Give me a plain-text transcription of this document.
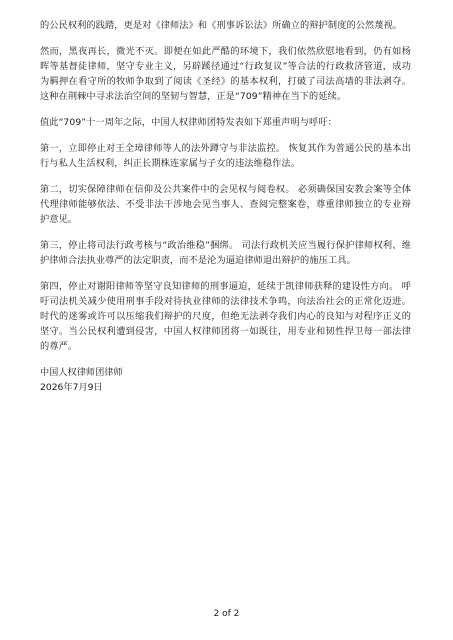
的公民权利的践踏，更是对《律师法》和《刑事诉讼法》所确立的辩护制度的公然蔑视。

然而，黑夜再长，微光不灭。即便在如此严酷的环境下，我们依然欣慰地看到，仍有如杨晖等基督徒律师，坚守专业主义，另辟蹊径通过“行政复议”等合法的行政救济管道，成功为羁押在看守所的牧师争取到了阅读《圣经》的基本权利，打破了司法高墙的非法剥夺。这种在荆棘中寻求法治空间的坚韧与智慧，正是“709”精神在当下的延续。

值此“709”十一周年之际，中国人权律师团特发表如下郑重声明与呼吁：

第一，立即停止对王全璋律师等人的法外蹲守与非法监控。 恢复其作为普通公民的基本出行与私人生活权利，纠正长期株连家属与子女的违法维稳作法。

第二，切实保障律师在信仰及公共案件中的会见权与阅卷权。 必须确保国安教会案等全体代理律师能够依法、不受非法干涉地会见当事人、查阅完整案卷，尊重律师独立的专业辩护意见。

第三，停止将司法行政考核与“政治维稳”捆绑。 司法行政机关应当履行保护律师权利、维护律师合法执业尊严的法定职责，而不是沦为逼迫律师退出辩护的施压工具。

第四，停止对谢阳律师等坚守良知律师的刑事逼迫，延续于凯律师获释的建设性方向。 呼吁司法机关减少使用刑事手段对待执业律师的法律技术争鸣，向法治社会的正常化迈进。时代的迷雾或许可以压缩我们辩护的尺度，但绝无法剥夺我们内心的良知与对程序正义的坚守。当公民权利遭到侵害，中国人权律师团将一如既往，用专业和韧性捍卫每一部法律的尊严。

中国人权律师团律师
2026年7月9日
2 of 2
